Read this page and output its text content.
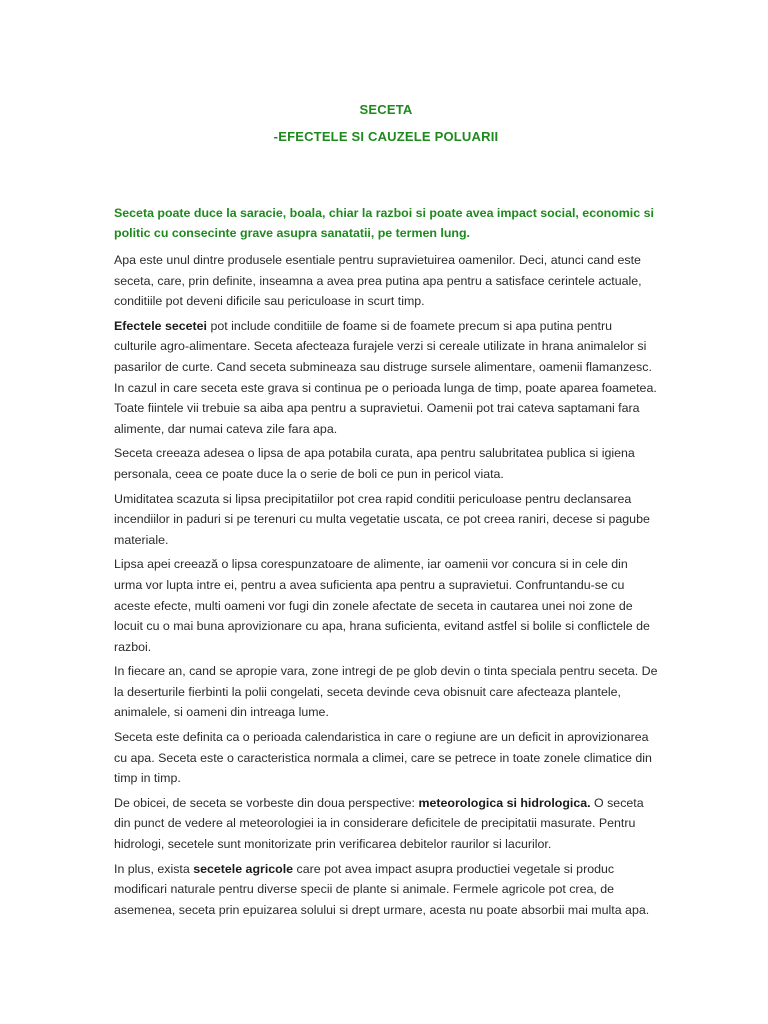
SECETA
-EFECTELE SI CAUZELE POLUARII
Seceta poate duce la saracie, boala, chiar la razboi si poate avea impact social, economic si politic cu consecinte grave asupra sanatatii, pe termen lung.

Apa este unul dintre produsele esentiale pentru supravietuirea oamenilor. Deci, atunci cand este seceta, care, prin definite, inseamna a avea prea putina apa pentru a satisface cerintele actuale, conditiile pot deveni dificile sau periculoase in scurt timp.

Efectele secetei pot include conditiile de foame si de foamete precum si apa putina pentru culturile agro-alimentare. Seceta afecteaza furajele verzi si cereale utilizate in hrana animalelor si pasarilor de curte. Cand seceta submineaza sau distruge sursele alimentare, oamenii flamanzesc. In cazul in care seceta este grava si continua pe o perioada lunga de timp, poate aparea foametea. Toate fiintele vii trebuie sa aiba apa pentru a supravietui. Oamenii pot trai cateva saptamani fara alimente, dar numai cateva zile fara apa.

Seceta creeaza adesea o lipsa de apa potabila curata, apa pentru salubritatea publica si igiena personala, ceea ce poate duce la o serie de boli ce pun in pericol viata.

Umiditatea scazuta si lipsa precipitatiilor pot crea rapid conditii periculoase pentru declansarea incendiilor in paduri si pe terenuri cu multa vegetatie uscata, ce pot creea raniri, decese si pagube materiale.

Lipsa apei creează o lipsa corespunzatoare de alimente, iar oamenii vor concura si in cele din urma vor lupta intre ei, pentru a avea suficienta apa pentru a supravietui. Confruntandu-se cu aceste efecte, multi oameni vor fugi din zonele afectate de seceta in cautarea unei noi zone de locuit cu o mai buna aprovizionare cu apa, hrana suficienta, evitand astfel si bolile si conflictele de razboi.

In fiecare an, cand se apropie vara, zone intregi de pe glob devin o tinta speciala pentru seceta. De la deserturile fierbinti la polii congelati, seceta devinde ceva obisnuit care afecteaza plantele, animalele, si oameni din intreaga lume.

Seceta este definita ca o perioada calendaristica in care o regiune are un deficit in aprovizionarea cu apa. Seceta este o caracteristica normala a climei, care se petrece in toate zonele climatice din timp in timp.

De obicei, de seceta se vorbeste din doua perspective: meteorologica si hidrologica. O seceta din punct de vedere al meteorologiei ia in considerare deficitele de precipitatii masurate. Pentru hidrologi, secetele sunt monitorizate prin verificarea debitelor raurilor si lacurilor.

In plus, exista secetele agricole care pot avea impact asupra productiei vegetale si produc modificari naturale pentru diverse specii de plante si animale. Fermele agricole pot crea, de asemenea, seceta prin epuizarea solului si drept urmare, acesta nu poate absorbii mai multa apa.
